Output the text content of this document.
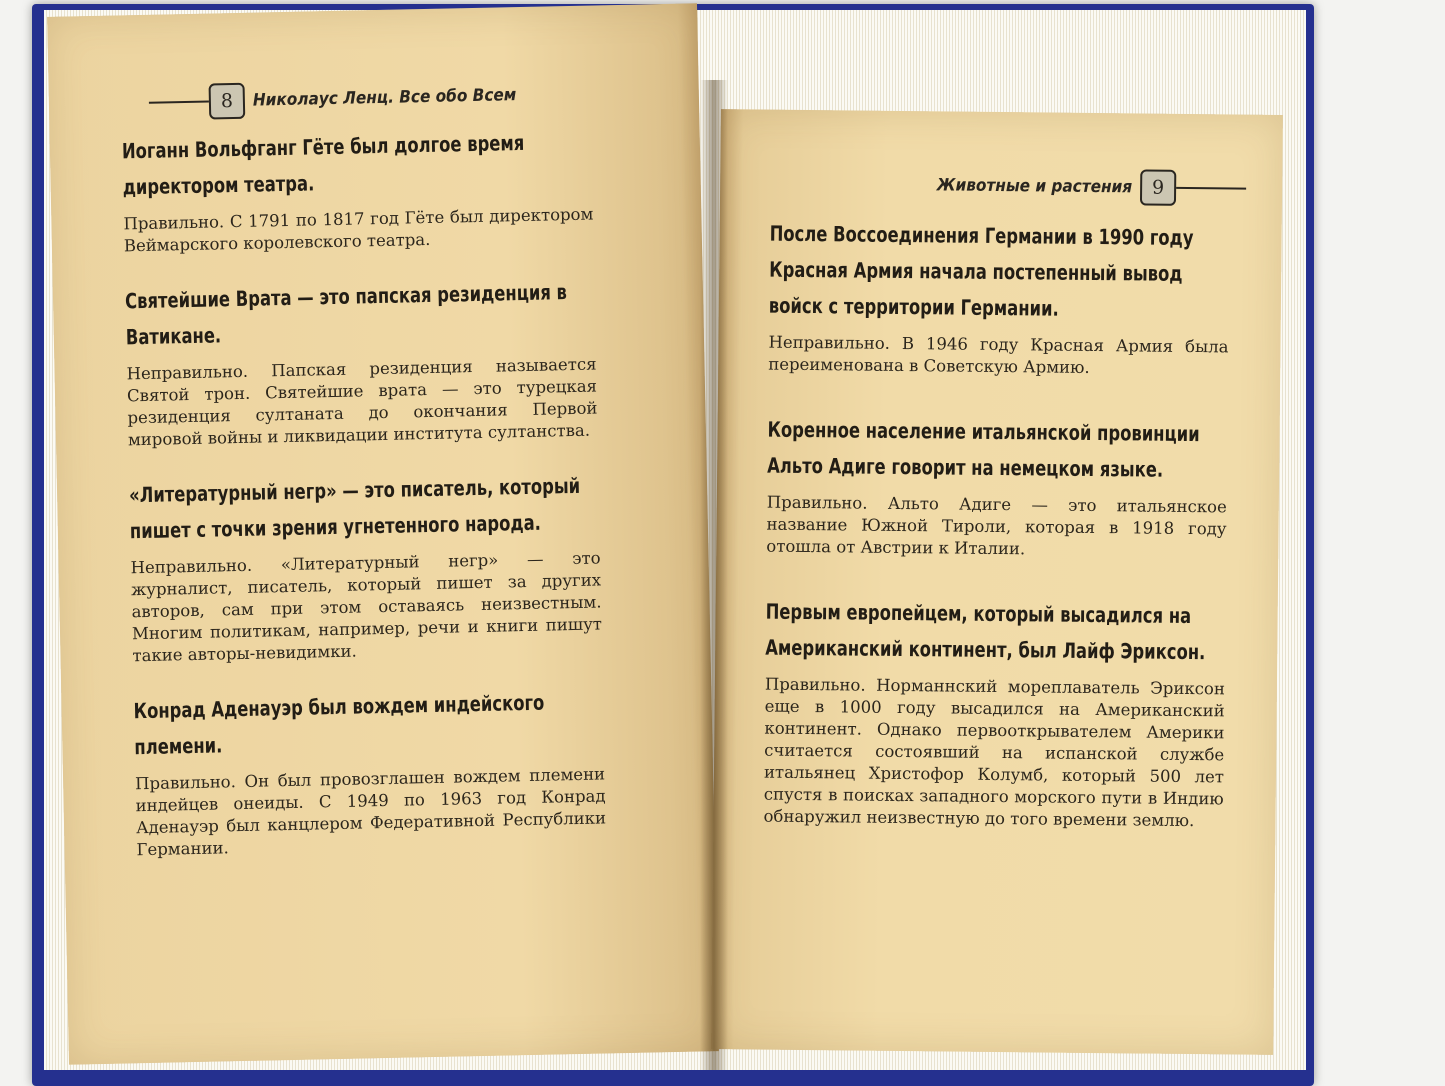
8	Николаус Ленц. Все обо Всем

Иоганн Вольфганг Гёте был долгое время директором театра.

Правильно. С 1791 по 1817 год Гёте был директором Веймарского королевского театра.

Святейшие Врата — это папская резиденция в Ватикане.

Неправильно. Папская резиденция называется Святой трон. Святейшие врата — это турецкая резиденция султаната до окончания Первой мировой войны и ликвидации института султанства.

«Литературный негр» — это писатель, который пишет с точки зрения угнетенного народа.

Неправильно. «Литературный негр» — это журналист, писатель, который пишет за других авторов, сам при этом оставаясь неизвестным. Многим политикам, например, речи и книги пишут такие авторы-невидимки.

Конрад Аденауэр был вождем индейского племени.

Правильно. Он был провозглашен вождем племени индейцев онеиды. С 1949 по 1963 год Конрад Аденауэр был канцлером Федеративной Республики Германии.

Животные и растения	9

После Воссоединения Германии в 1990 году Красная Армия начала постепенный вывод войск с территории Германии.

Неправильно. В 1946 году Красная Армия была переименована в Советскую Армию.

Коренное население итальянской провинции Альто Адиге говорит на немецком языке.

Правильно. Альто Адиге — это итальянское название Южной Тироли, которая в 1918 году отошла от Австрии к Италии.

Первым европейцем, который высадился на Американский континент, был Лайф Эриксон.

Правильно. Норманнский мореплаватель Эриксон еще в 1000 году высадился на Американский континент. Однако первооткрывателем Америки считается состоявший на испанской службе итальянец Христофор Колумб, который 500 лет спустя в поисках западного морского пути в Индию обнаружил неизвестную до того времени землю.
